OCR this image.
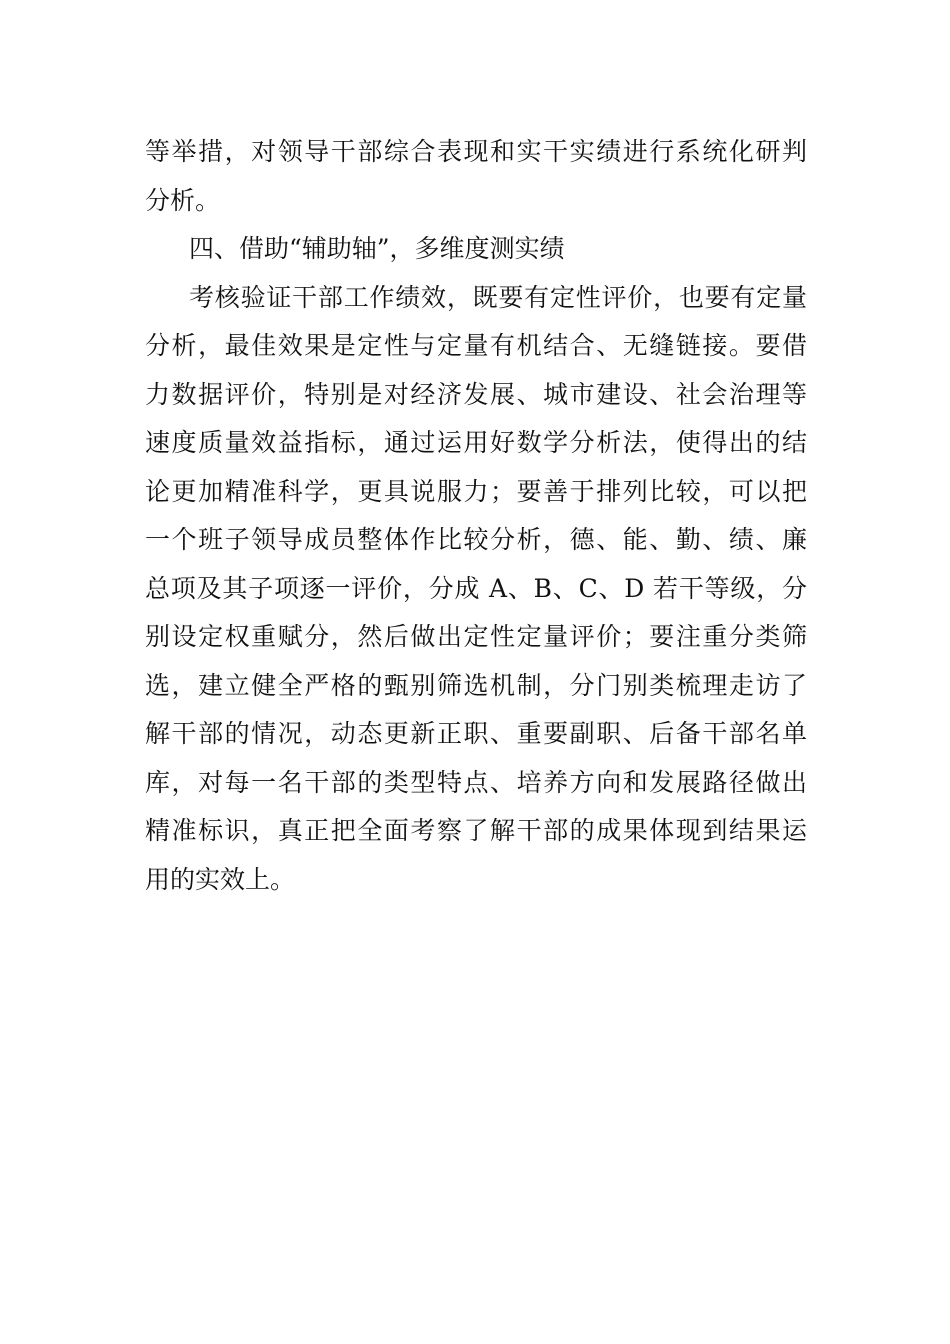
等举措，对领导干部综合表现和实干实绩进行系统化研判
分析。
四、借助“辅助轴”，多维度测实绩
考核验证干部工作绩效，既要有定性评价，也要有定量
分析，最佳效果是定性与定量有机结合、无缝链接。要借
力数据评价，特别是对经济发展、城市建设、社会治理等
速度质量效益指标，通过运用好数学分析法，使得出的结
论更加精准科学，更具说服力；要善于排列比较，可以把
一个班子领导成员整体作比较分析，德、能、勤、绩、廉
总项及其子项逐一评价，分成 A、B、C、D 若干等级，分
别设定权重赋分，然后做出定性定量评价；要注重分类筛
选，建立健全严格的甄别筛选机制，分门别类梳理走访了
解干部的情况，动态更新正职、重要副职、后备干部名单
库，对每一名干部的类型特点、培养方向和发展路径做出
精准标识，真正把全面考察了解干部的成果体现到结果运
用的实效上。
